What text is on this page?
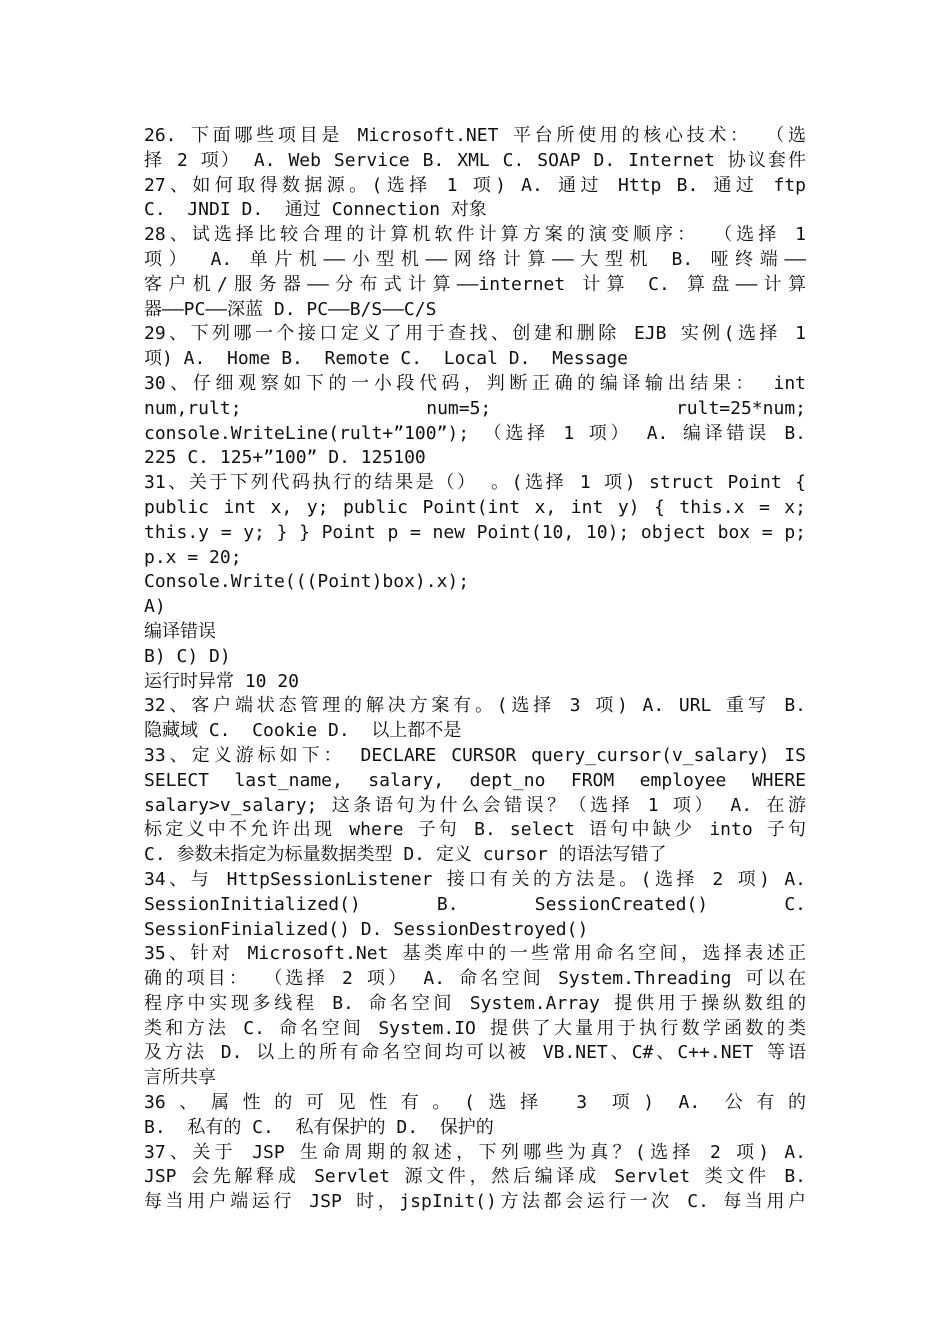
26. 下面哪些项目是 Microsoft.NET 平台所使用的核心技术： （选
择 2 项） A. Web Service B. XML C. SOAP D. Internet 协议套件
27、如何取得数据源。(选择 1 项) A. 通过 Http B. 通过 ftp
C.  JNDI D.  通过 Connection 对象
28、试选择比较合理的计算机软件计算方案的演变顺序： （选择 1
项） A. 单片机——小型机——网络计算——大型机 B. 哑终端——
客户机/服务器——分布式计算——internet 计算 C. 算盘——计算
器——PC——深蓝 D. PC——B/S——C/S
29、下列哪一个接口定义了用于查找、创建和删除 EJB 实例(选择 1
项) A.  Home B.  Remote C.  Local D.  Message
30、仔细观察如下的一小段代码，判断正确的编译输出结果： int
num,rult; num=5; rult=25*num;
console.WriteLine(rult+”100”); （选择 1 项） A. 编译错误 B.
225 C. 125+”100” D. 125100
31、关于下列代码执行的结果是（） 。(选择 1 项) struct Point {
public int x, y; public Point(int x, int y) { this.x = x;
this.y = y; } } Point p = new Point(10, 10); object box = p;
p.x = 20;
Console.Write(((Point)box).x);
A)
编译错误
B) C) D)
运行时异常 10 20
32、客户端状态管理的解决方案有。(选择 3 项) A. URL 重写 B.
隐藏域 C.  Cookie D.  以上都不是
33、定义游标如下： DECLARE CURSOR query_cursor(v_salary) IS
SELECT last_name, salary, dept_no FROM employee WHERE
salary>v_salary; 这条语句为什么会错误？（选择 1 项） A. 在游
标定义中不允许出现 where 子句 B. select 语句中缺少 into 子句
C. 参数未指定为标量数据类型 D. 定义 cursor 的语法写错了
34、与 HttpSessionListener 接口有关的方法是。(选择 2 项) A.
SessionInitialized() B. SessionCreated() C.
SessionFinialized() D. SessionDestroyed()
35、针对 Microsoft.Net 基类库中的一些常用命名空间，选择表述正
确的项目： （选择 2 项） A. 命名空间 System.Threading 可以在
程序中实现多线程 B. 命名空间 System.Array 提供用于操纵数组的
类和方法 C. 命名空间 System.IO 提供了大量用于执行数学函数的类
及方法 D. 以上的所有命名空间均可以被 VB.NET、C#、C++.NET 等语
言所共享
36、属性的可见性有。(选择 3 项) A. 公有的
B.  私有的 C.  私有保护的 D.  保护的
37、关于 JSP 生命周期的叙述，下列哪些为真？(选择 2 项) A.
JSP 会先解释成 Servlet 源文件，然后编译成 Servlet 类文件 B.
每当用户端运行 JSP 时，jspInit()方法都会运行一次 C. 每当用户
